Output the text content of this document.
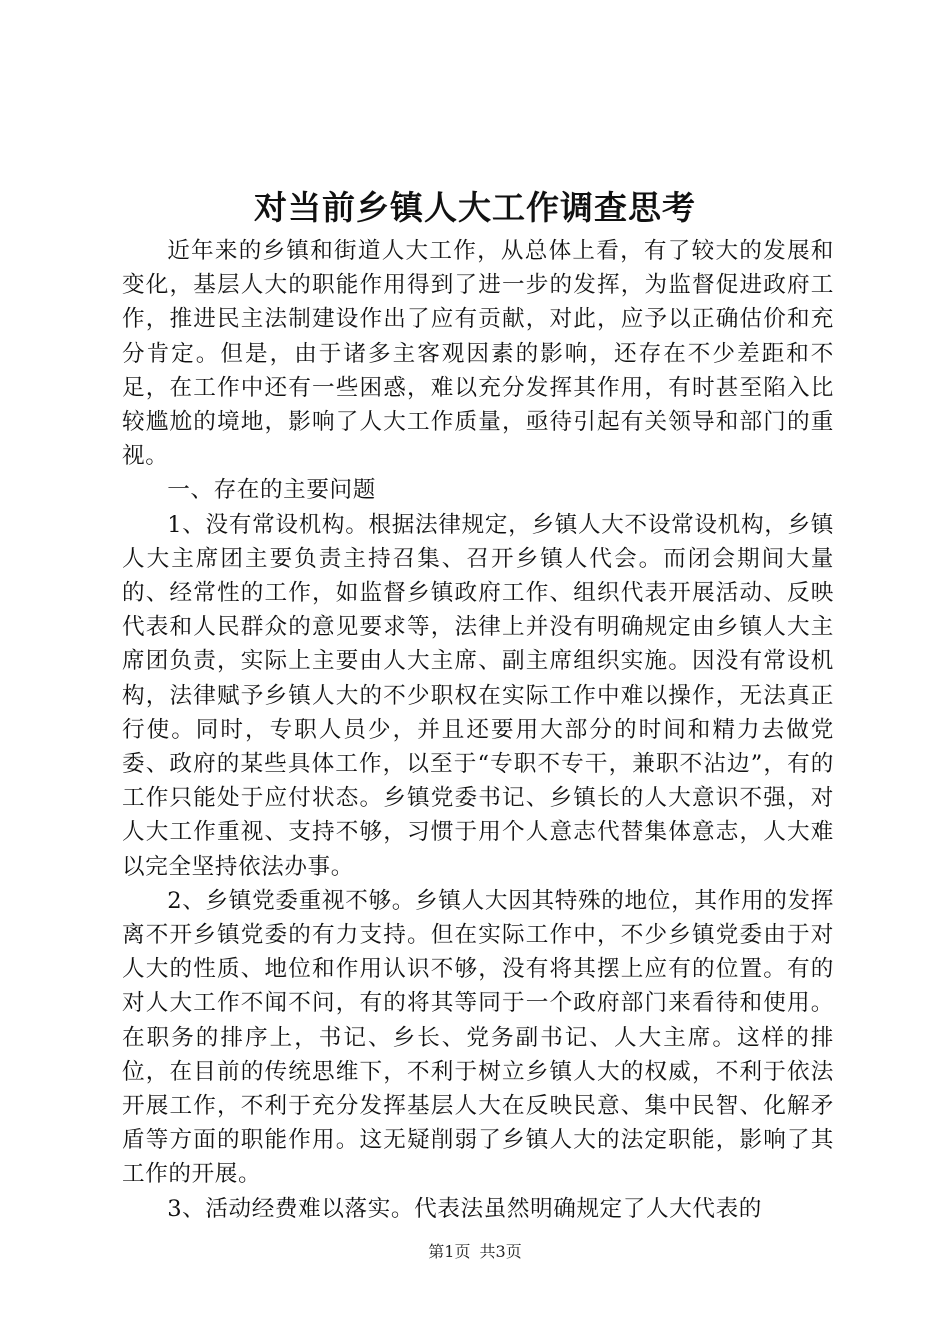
对当前乡镇人大工作调查思考

近年来的乡镇和街道人大工作，从总体上看，有了较大的发展和变化，基层人大的职能作用得到了进一步的发挥，为监督促进政府工作，推进民主法制建设作出了应有贡献，对此，应予以正确估价和充分肯定。但是，由于诸多主客观因素的影响，还存在不少差距和不足，在工作中还有一些困惑，难以充分发挥其作用，有时甚至陷入比较尴尬的境地，影响了人大工作质量，亟待引起有关领导和部门的重视。

一、存在的主要问题

1、没有常设机构。根据法律规定，乡镇人大不设常设机构，乡镇人大主席团主要负责主持召集、召开乡镇人代会。而闭会期间大量的、经常性的工作，如监督乡镇政府工作、组织代表开展活动、反映代表和人民群众的意见要求等，法律上并没有明确规定由乡镇人大主席团负责，实际上主要由人大主席、副主席组织实施。因没有常设机构，法律赋予乡镇人大的不少职权在实际工作中难以操作，无法真正行使。同时，专职人员少，并且还要用大部分的时间和精力去做党委、政府的某些具体工作，以至于“专职不专干，兼职不沾边”，有的工作只能处于应付状态。乡镇党委书记、乡镇长的人大意识不强，对人大工作重视、支持不够，习惯于用个人意志代替集体意志，人大难以完全坚持依法办事。

2、乡镇党委重视不够。乡镇人大因其特殊的地位，其作用的发挥离不开乡镇党委的有力支持。但在实际工作中，不少乡镇党委由于对人大的性质、地位和作用认识不够，没有将其摆上应有的位置。有的对人大工作不闻不问，有的将其等同于一个政府部门来看待和使用。在职务的排序上，书记、乡长、党务副书记、人大主席。这样的排位，在目前的传统思维下，不利于树立乡镇人大的权威，不利于依法开展工作，不利于充分发挥基层人大在反映民意、集中民智、化解矛盾等方面的职能作用。这无疑削弱了乡镇人大的法定职能，影响了其工作的开展。

3、活动经费难以落实。代表法虽然明确规定了人大代表的

第1页 共3页
